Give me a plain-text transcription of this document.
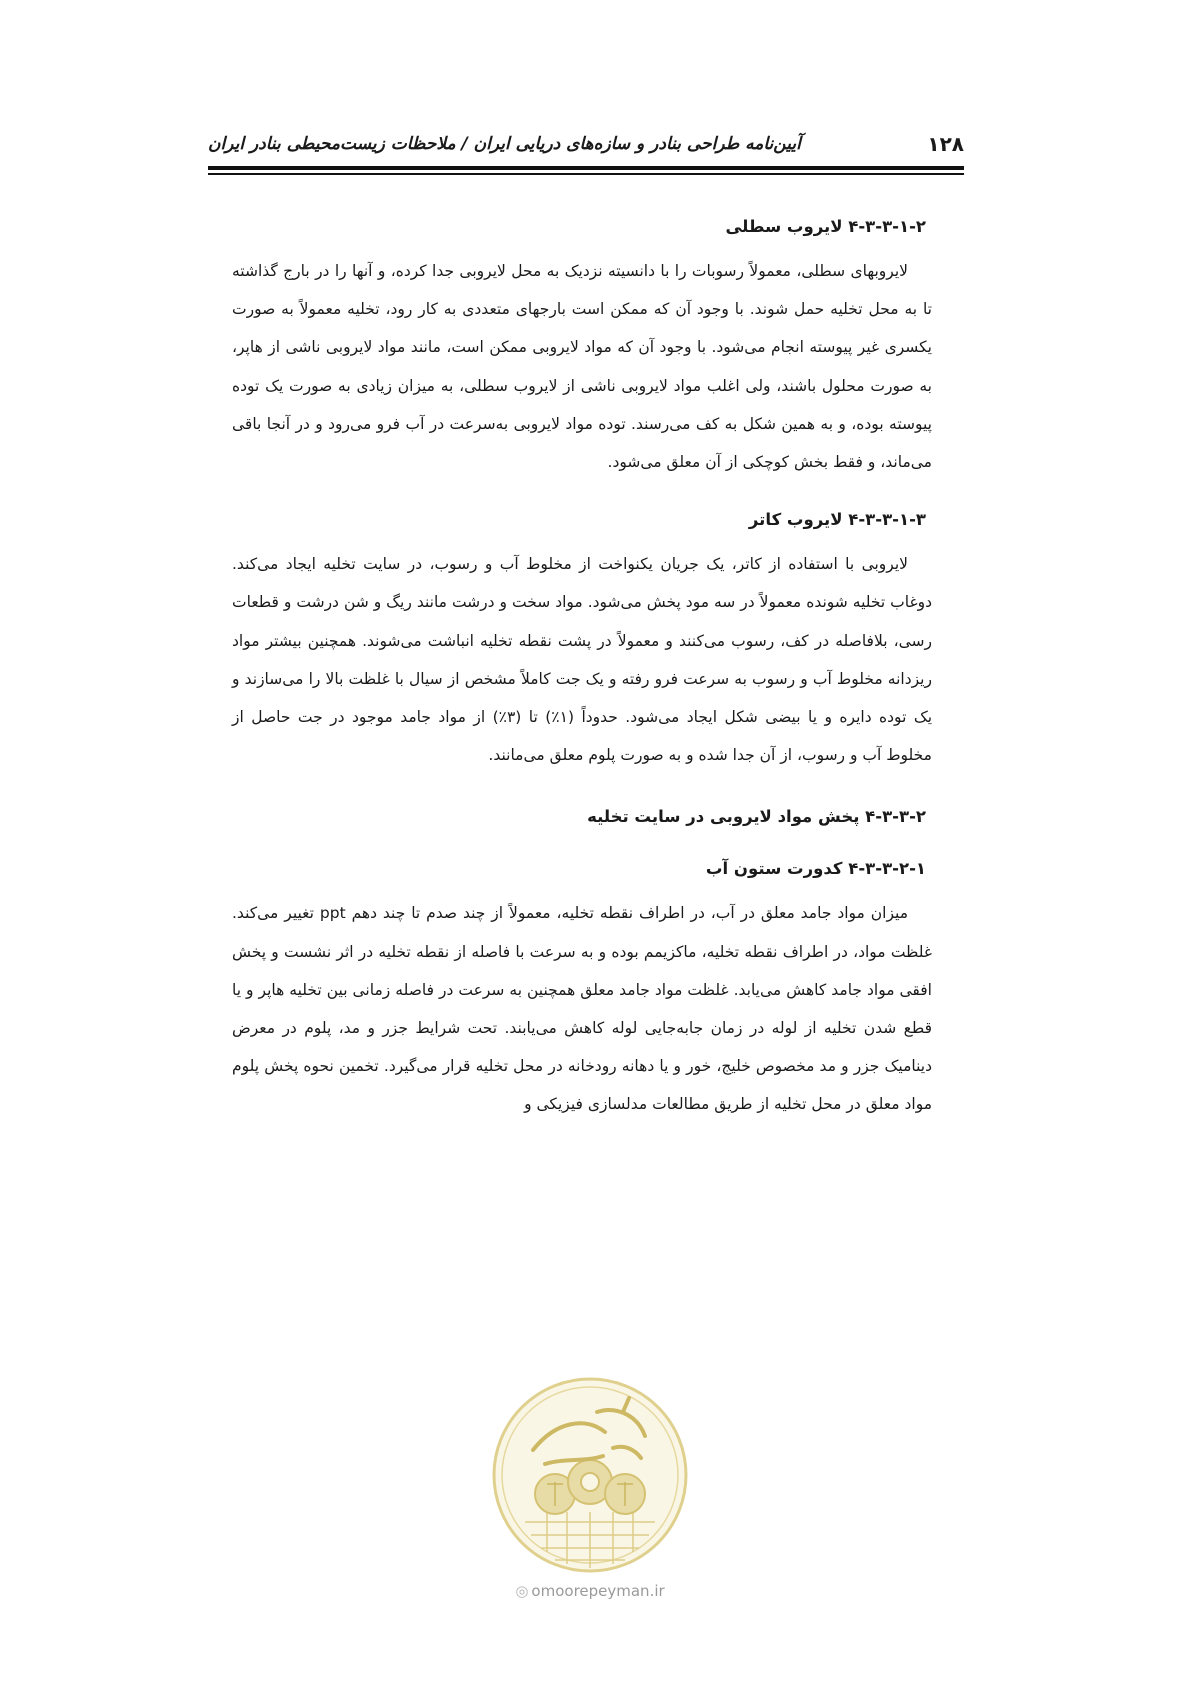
۱۲۸
آیین‌نامه طراحی بنادر و سازه‌های دریایی ایران / ملاحظات زیست‌محیطی بنادر ایران
۴-۳-۳-۱-۲ لایروب سطلی

لایروبهای سطلی، معمولاً رسوبات را با دانسیته نزدیک به محل لایروبی جدا کرده، و آنها را در بارج گذاشته تا به محل تخلیه حمل شوند. با وجود آن که ممکن است بارجهای متعددی به کار رود، تخلیه معمولاً به صورت یکسری غیر پیوسته انجام می‌شود. با وجود آن که مواد لایروبی ممکن است، مانند مواد لایروبی ناشی از هاپر، به صورت محلول باشند، ولی اغلب مواد لایروبی ناشی از لایروب سطلی، به میزان زیادی به صورت یک توده پیوسته بوده، و به همین شکل به کف می‌رسند. توده مواد لایروبی به‌سرعت در آب فرو می‌رود و در آنجا باقی می‌ماند، و فقط بخش کوچکی از آن معلق می‌شود.

۴-۳-۳-۱-۳ لایروب کاتر

لایروبی با استفاده از کاتر، یک جریان یکنواخت از مخلوط آب و رسوب، در سایت تخلیه ایجاد می‌کند. دوغاب تخلیه شونده معمولاً در سه مود پخش می‌شود. مواد سخت و درشت مانند ریگ و شن درشت و قطعات رسی، بلافاصله در کف، رسوب می‌کنند و معمولاً در پشت نقطه تخلیه انباشت می‌شوند. همچنین بیشتر مواد ریزدانه مخلوط آب و رسوب به سرعت فرو رفته و یک جت کاملاً مشخص از سیال با غلظت بالا را می‌سازند و یک توده دایره و یا بیضی شکل ایجاد می‌شود. حدوداً (۱٪) تا (۳٪) از مواد جامد موجود در جت حاصل از مخلوط آب و رسوب، از آن جدا شده و به صورت پلوم معلق می‌مانند.

۴-۳-۳-۲ پخش مواد لایروبی در سایت تخلیه
۴-۳-۳-۲-۱ کدورت ستون آب

میزان مواد جامد معلق در آب، در اطراف نقطه تخلیه، معمولاً از چند صدم تا چند دهم ppt تغییر می‌کند. غلظت مواد، در اطراف نقطه تخلیه، ماکزیمم بوده و به سرعت با فاصله از نقطه تخلیه در اثر نشست و پخش افقی مواد جامد کاهش می‌یابد. غلظت مواد جامد معلق همچنین به سرعت در فاصله زمانی بین تخلیه هاپر و یا قطع شدن تخلیه از لوله در زمان جابه‌جایی لوله کاهش می‌یابند. تحت شرایط جزر و مد، پلوم در معرض دینامیک جزر و مد مخصوص خلیج، خور و یا دهانه رودخانه در محل تخلیه قرار می‌گیرد. تخمین نحوه پخش پلوم مواد معلق در محل تخلیه از طریق مطالعات مدلسازی فیزیکی و

◎ omoorepeyman.ir
